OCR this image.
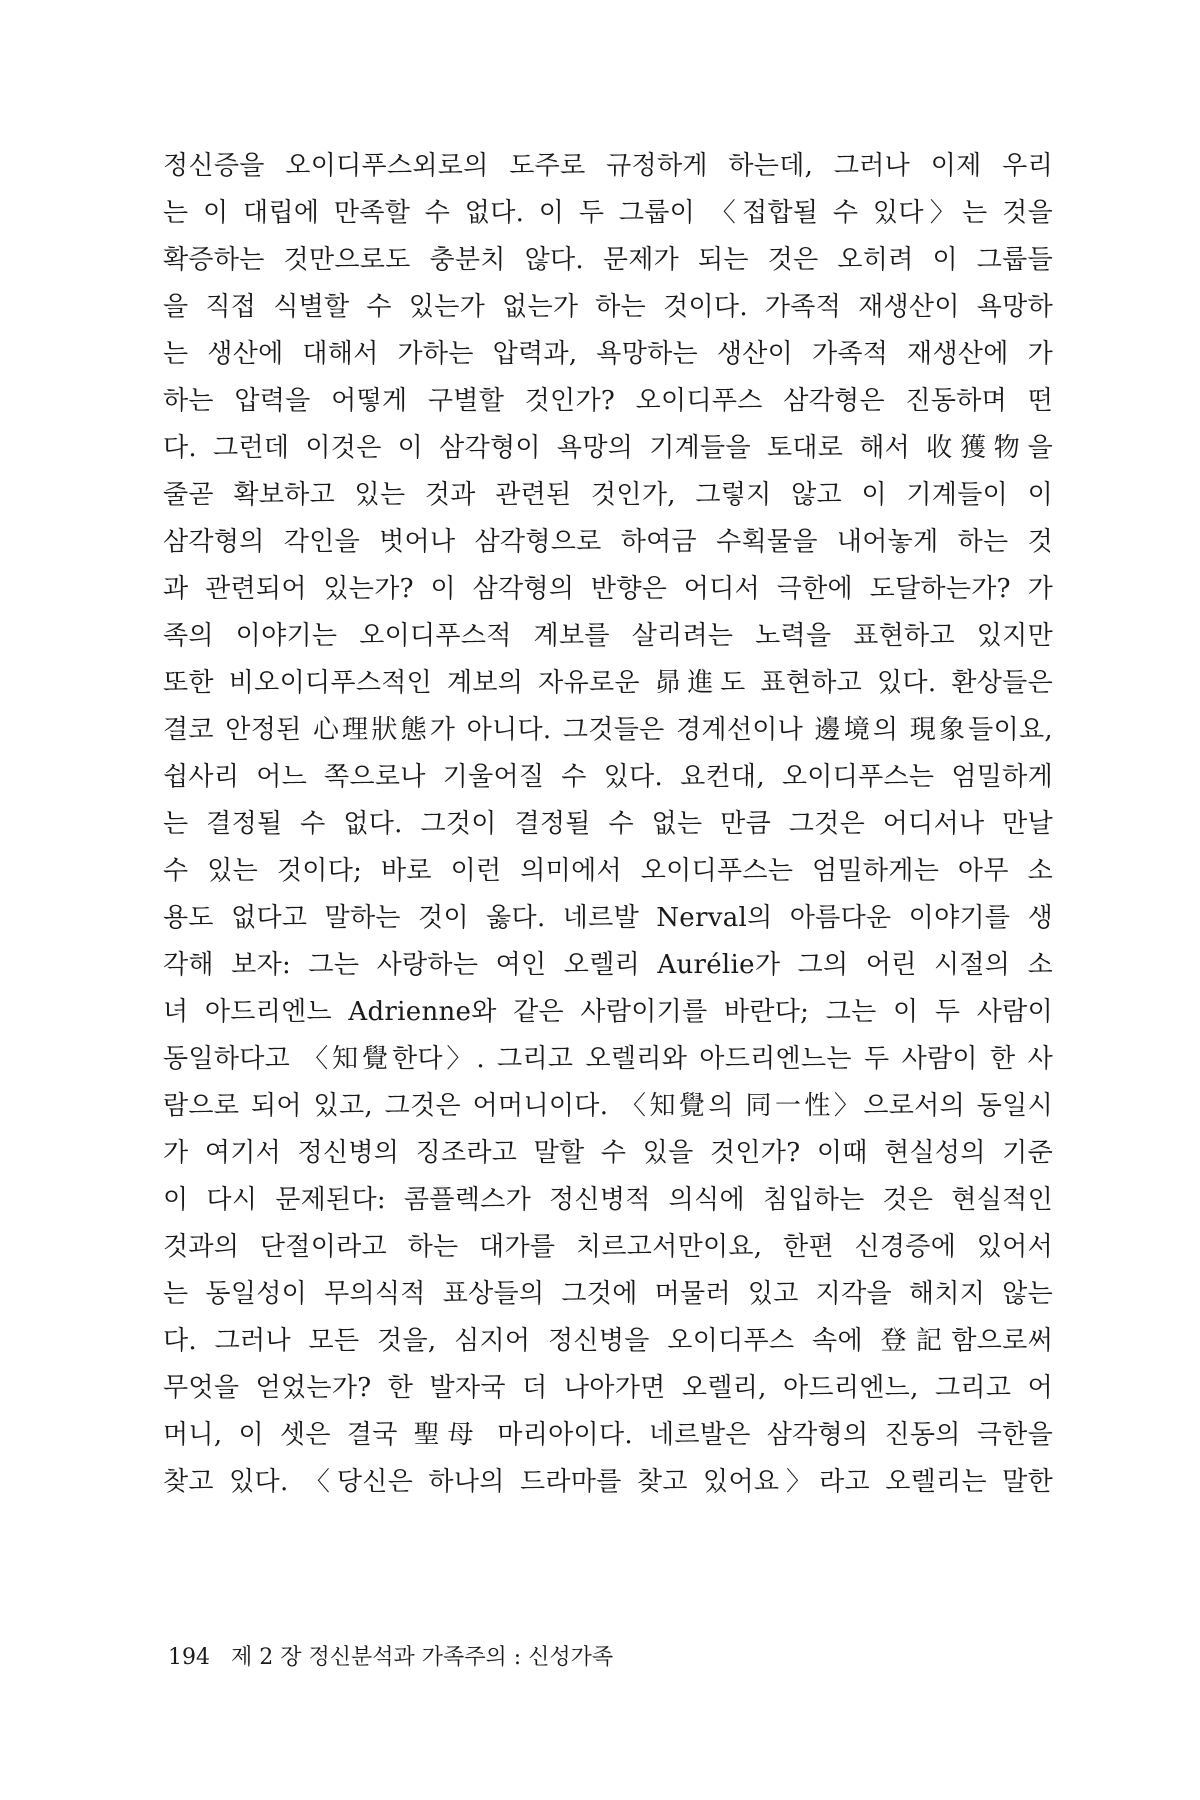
정신증을 오이디푸스외로의 도주로 규정하게 하는데, 그러나 이제 우리
는 이 대립에 만족할 수 없다. 이 두 그룹이 〈접합될 수 있다〉는 것을
확증하는 것만으로도 충분치 않다. 문제가 되는 것은 오히려 이 그룹들
을 직접 식별할 수 있는가 없는가 하는 것이다. 가족적 재생산이 욕망하
는 생산에 대해서 가하는 압력과, 욕망하는 생산이 가족적 재생산에 가
하는 압력을 어떻게 구별할 것인가? 오이디푸스 삼각형은 진동하며 떤
다. 그런데 이것은 이 삼각형이 욕망의 기계들을 토대로 해서 收獲物을
줄곧 확보하고 있는 것과 관련된 것인가, 그렇지 않고 이 기계들이 이
삼각형의 각인을 벗어나 삼각형으로 하여금 수획물을 내어놓게 하는 것
과 관련되어 있는가? 이 삼각형의 반향은 어디서 극한에 도달하는가? 가
족의 이야기는 오이디푸스적 계보를 살리려는 노력을 표현하고 있지만
또한 비오이디푸스적인 계보의 자유로운 昴進도 표현하고 있다. 환상들은
결코 안정된 心理狀態가 아니다. 그것들은 경계선이나 邊境의 現象들이요,
쉽사리 어느 쪽으로나 기울어질 수 있다. 요컨대, 오이디푸스는 엄밀하게
는 결정될 수 없다. 그것이 결정될 수 없는 만큼 그것은 어디서나 만날
수 있는 것이다; 바로 이런 의미에서 오이디푸스는 엄밀하게는 아무 소
용도 없다고 말하는 것이 옳다. 네르발 Nerval의 아름다운 이야기를 생
각해 보자: 그는 사랑하는 여인 오렐리 Aurélie가 그의 어린 시절의 소
녀 아드리엔느 Adrienne와 같은 사람이기를 바란다; 그는 이 두 사람이
동일하다고 〈知覺한다〉. 그리고 오렐리와 아드리엔느는 두 사람이 한 사
람으로 되어 있고, 그것은 어머니이다. 〈知覺의 同一性〉으로서의 동일시
가 여기서 정신병의 징조라고 말할 수 있을 것인가? 이때 현실성의 기준
이 다시 문제된다: 콤플렉스가 정신병적 의식에 침입하는 것은 현실적인
것과의 단절이라고 하는 대가를 치르고서만이요, 한편 신경증에 있어서
는 동일성이 무의식적 표상들의 그것에 머물러 있고 지각을 해치지 않는
다. 그러나 모든 것을, 심지어 정신병을 오이디푸스 속에 登記함으로써
무엇을 얻었는가? 한 발자국 더 나아가면 오렐리, 아드리엔느, 그리고 어
머니, 이 셋은 결국 聖母 마리아이다. 네르발은 삼각형의 진동의 극한을
찾고 있다. 〈당신은 하나의 드라마를 찾고 있어요〉라고 오렐리는 말한
194 제 2 장 정신분석과 가족주의 : 신성가족
